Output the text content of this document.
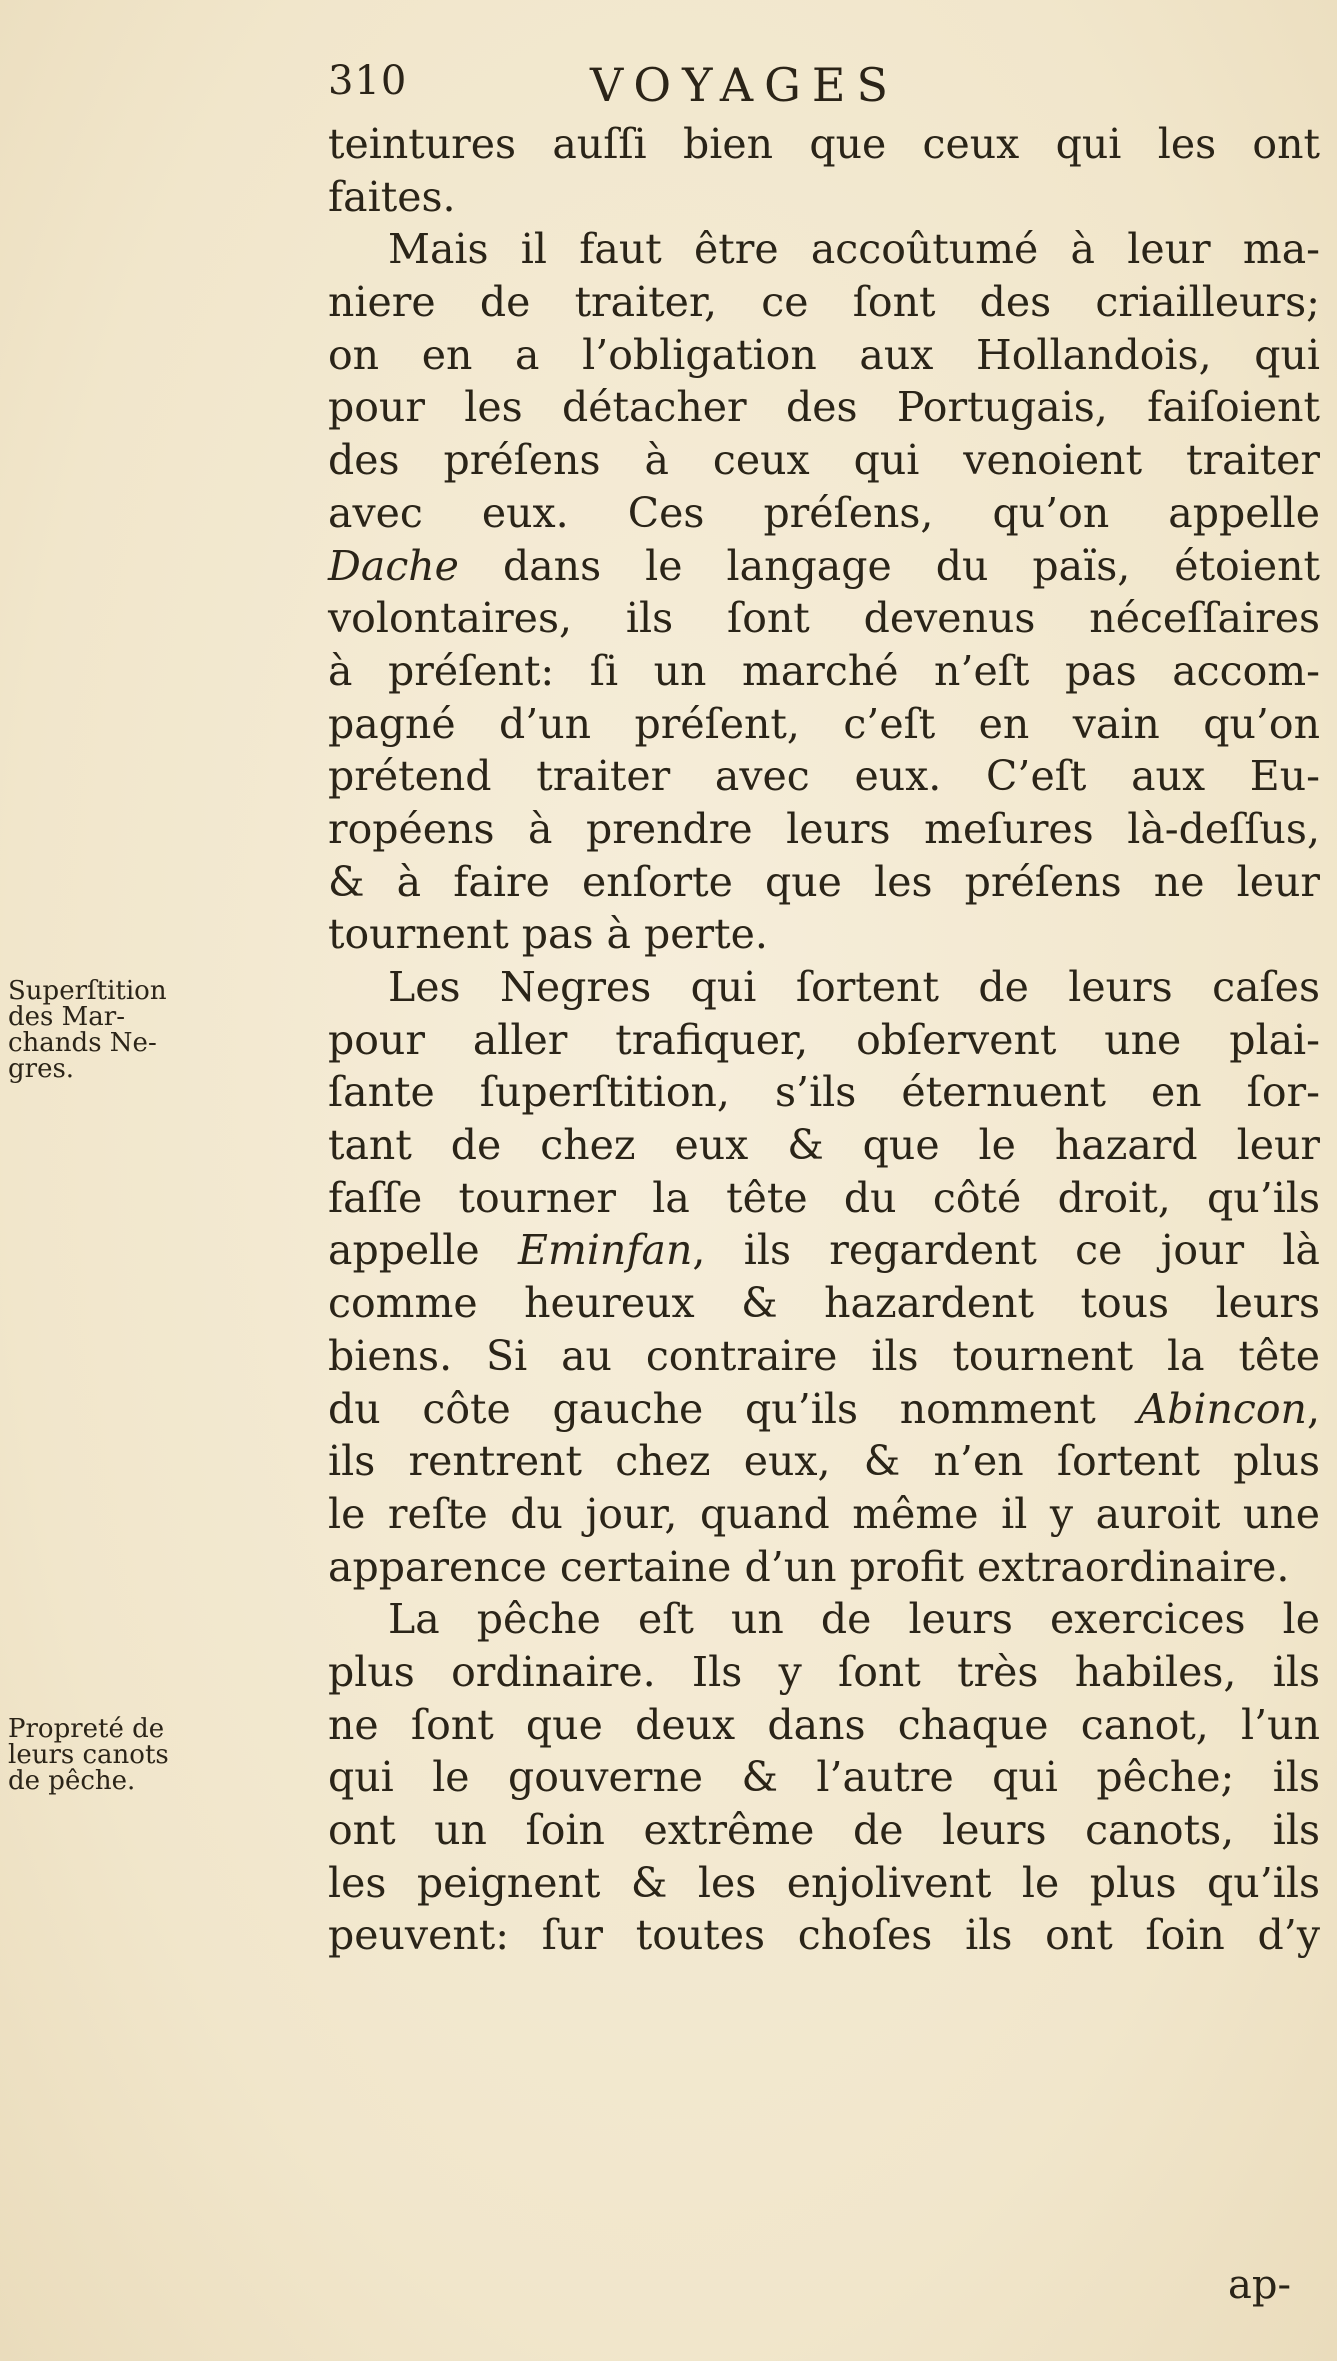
310	VOYAGES
Superſtition
des Mar-
chands Ne-
gres.
Propreté de
leurs canots
de pêche.
teintures auſſi bien que ceux qui les ont
faites.
Mais il faut être accoûtumé à leur ma-
niere de traiter, ce ſont des criailleurs;
on en a l’obligation aux Hollandois, qui
pour les détacher des Portugais, faiſoient
des préſens à ceux qui venoient traiter
avec eux. Ces préſens, qu’on appelle
Dache dans le langage du païs, étoient
volontaires, ils ſont devenus néceſſaires
à préſent: ſi un marché n’eſt pas accom-
pagné d’un préſent, c’eſt en vain qu’on
prétend traiter avec eux. C’eſt aux Eu-
ropéens à prendre leurs meſures là-deſſus,
& à faire enſorte que les préſens ne leur
tournent pas à perte.
Les Negres qui ſortent de leurs caſes
pour aller trafiquer, obſervent une plai-
ſante ſuperſtition, s’ils éternuent en ſor-
tant de chez eux & que le hazard leur
faſſe tourner la tête du côté droit, qu’ils
appelle Eminfan, ils regardent ce jour là
comme heureux & hazardent tous leurs
biens. Si au contraire ils tournent la tête
du côte gauche qu’ils nomment Abincon,
ils rentrent chez eux, & n’en ſortent plus
le reſte du jour, quand même il y auroit une
apparence certaine d’un profit extraordinaire.
La pêche eſt un de leurs exercices le
plus ordinaire. Ils y ſont très habiles, ils
ne ſont que deux dans chaque canot, l’un
qui le gouverne & l’autre qui pêche; ils
ont un ſoin extrême de leurs canots, ils
les peignent & les enjolivent le plus qu’ils
peuvent: ſur toutes choſes ils ont ſoin d’y
ap-
